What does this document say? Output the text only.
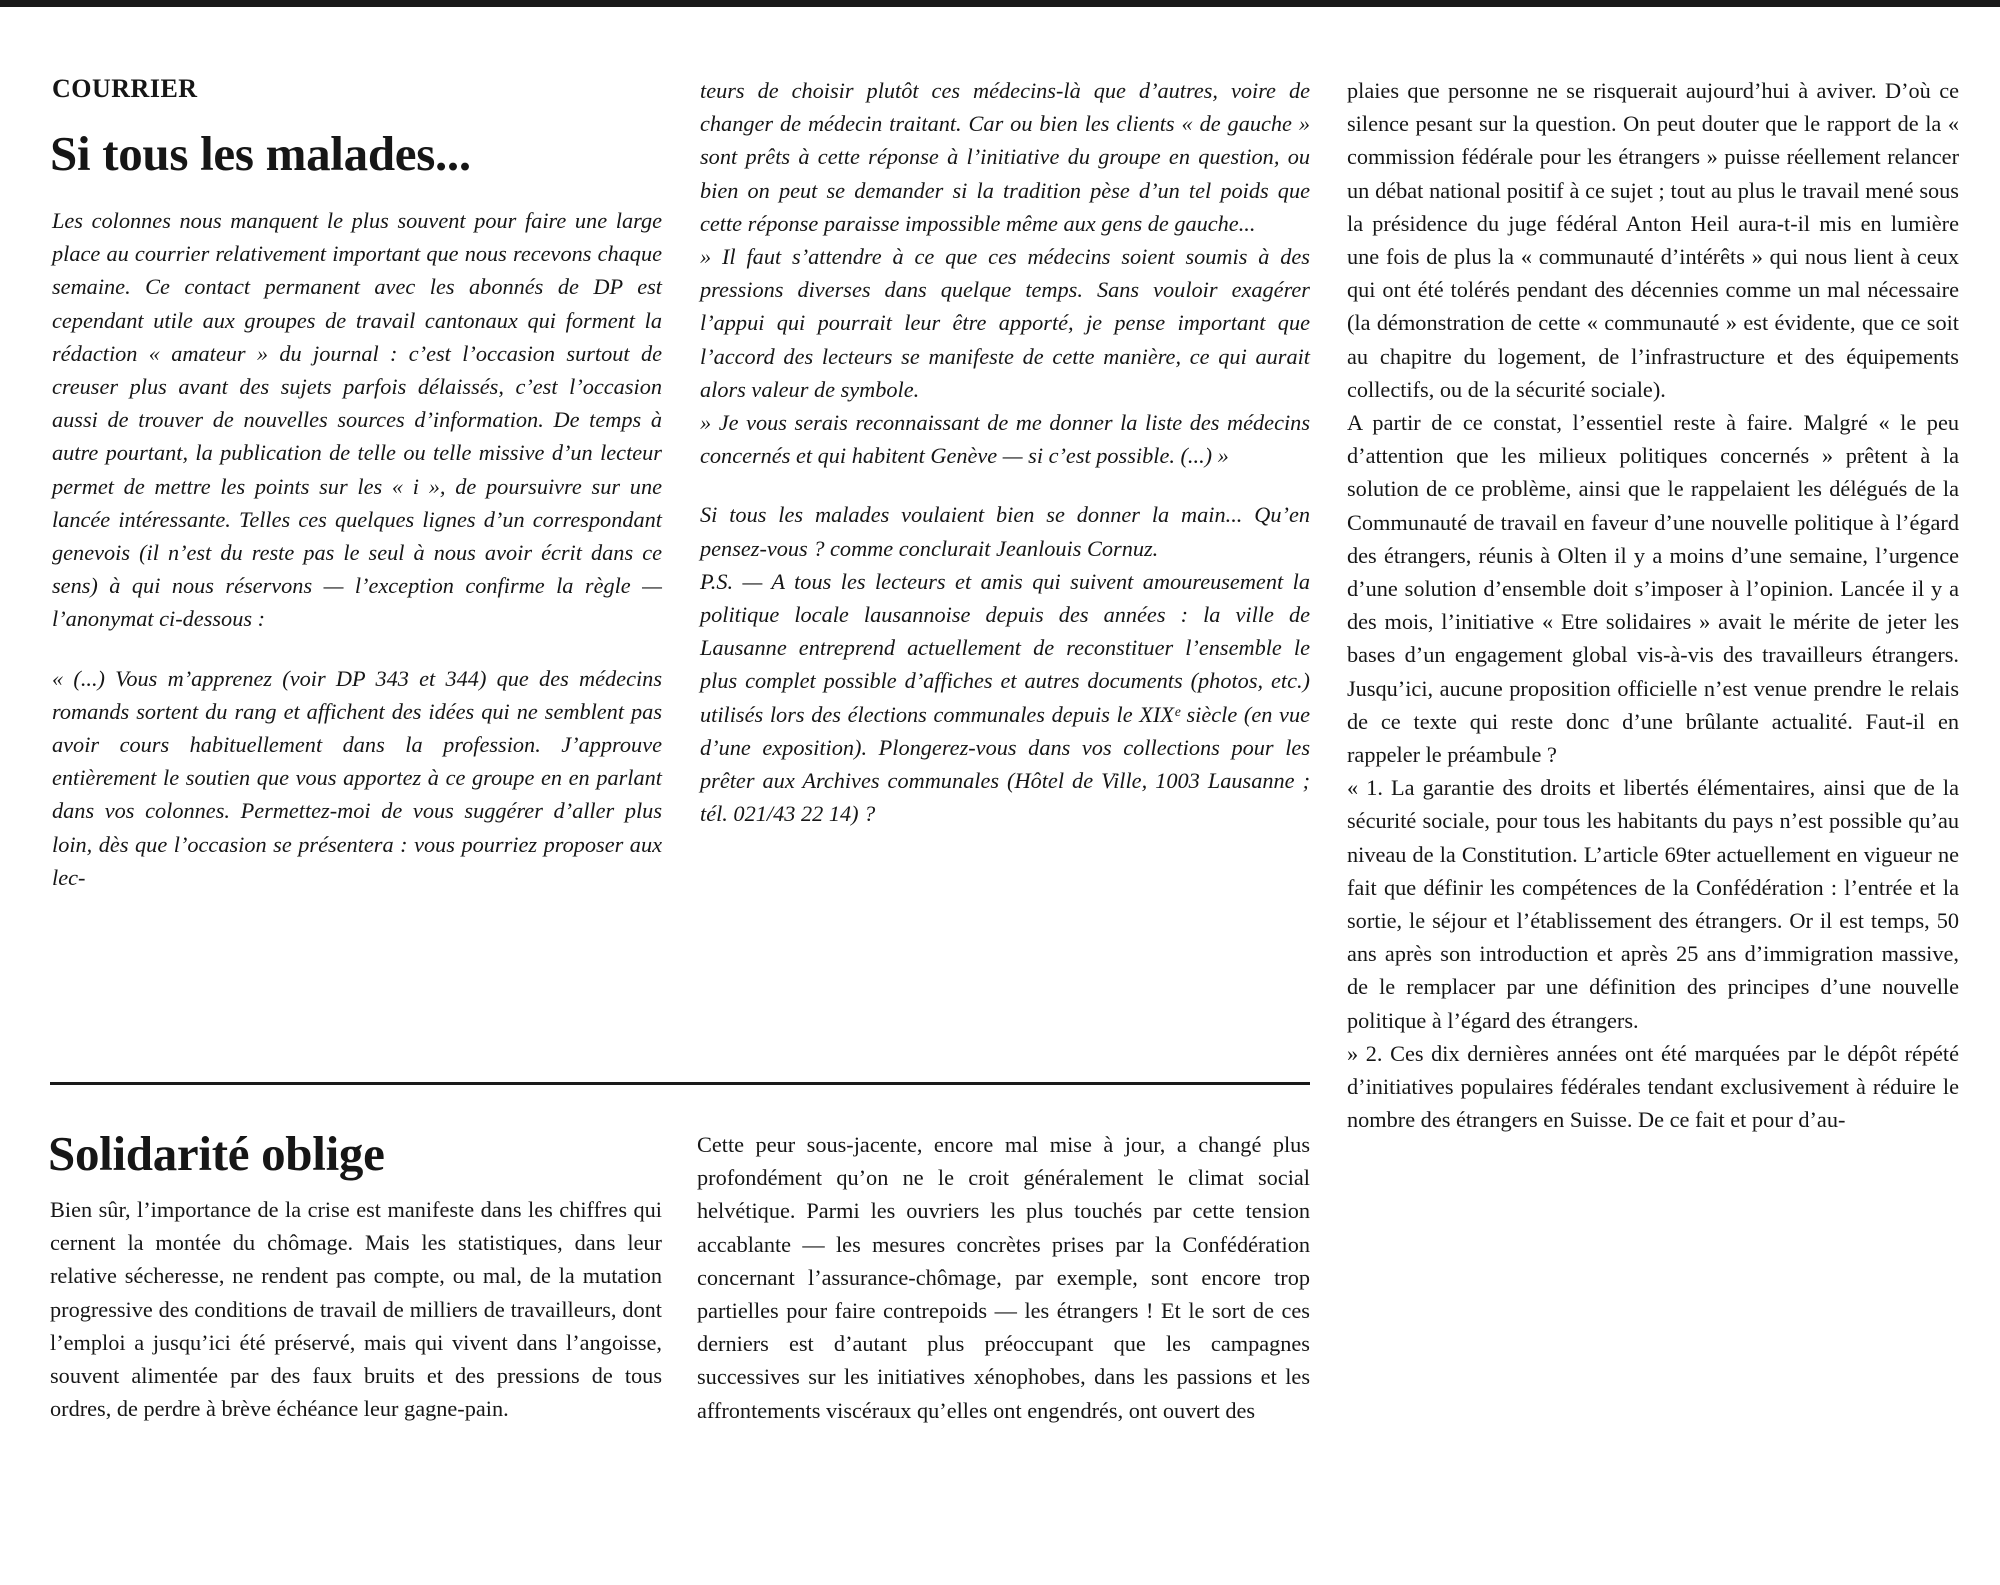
COURRIER
Si tous les malades...

Les colonnes nous manquent le plus souvent pour faire une large place au courrier relativement important que nous recevons chaque semaine. Ce contact permanent avec les abonnés de DP est cependant utile aux groupes de travail cantonaux qui forment la rédaction « amateur » du journal : c’est l’occasion surtout de creuser plus avant des sujets parfois délaissés, c’est l’occasion aussi de trouver de nouvelles sources d’information. De temps à autre pourtant, la publication de telle ou telle missive d’un lecteur permet de mettre les points sur les « i », de poursuivre sur une lancée intéressante. Telles ces quelques lignes d’un correspondant genevois (il n’est du reste pas le seul à nous avoir écrit dans ce sens) à qui nous réservons — l’exception confirme la règle — l’anonymat ci-dessous :

« (...) Vous m’apprenez (voir DP 343 et 344) que des médecins romands sortent du rang et affichent des idées qui ne semblent pas avoir cours habituellement dans la profession. J’approuve entièrement le soutien que vous apportez à ce groupe en en parlant dans vos colonnes. Permettez-moi de vous suggérer d’aller plus loin, dès que l’occasion se présentera : vous pourriez proposer aux lec-

teurs de choisir plutôt ces médecins-là que d’autres, voire de changer de médecin traitant. Car ou bien les clients « de gauche » sont prêts à cette réponse à l’initiative du groupe en question, ou bien on peut se demander si la tradition pèse d’un tel poids que cette réponse paraisse impossible même aux gens de gauche...

» Il faut s’attendre à ce que ces médecins soient soumis à des pressions diverses dans quelque temps. Sans vouloir exagérer l’appui qui pourrait leur être apporté, je pense important que l’accord des lecteurs se manifeste de cette manière, ce qui aurait alors valeur de symbole.

» Je vous serais reconnaissant de me donner la liste des médecins concernés et qui habitent Genève — si c’est possible. (...) »

Si tous les malades voulaient bien se donner la main... Qu’en pensez-vous ? comme conclurait Jeanlouis Cornuz.

P.S. — A tous les lecteurs et amis qui suivent amoureusement la politique locale lausannoise depuis des années : la ville de Lausanne entreprend actuellement de reconstituer l’ensemble le plus complet possible d’affiches et autres documents (photos, etc.) utilisés lors des élections communales depuis le XIXᵉ siècle (en vue d’une exposition). Plongerez-vous dans vos collections pour les prêter aux Archives communales (Hôtel de Ville, 1003 Lausanne ; tél. 021/43 22 14) ?

Solidarité oblige

Bien sûr, l’importance de la crise est manifeste dans les chiffres qui cernent la montée du chômage. Mais les statistiques, dans leur relative sécheresse, ne rendent pas compte, ou mal, de la mutation progressive des conditions de travail de milliers de travailleurs, dont l’emploi a jusqu’ici été préservé, mais qui vivent dans l’angoisse, souvent alimentée par des faux bruits et des pressions de tous ordres, de perdre à brève échéance leur gagne-pain.

Cette peur sous-jacente, encore mal mise à jour, a changé plus profondément qu’on ne le croit généralement le climat social helvétique. Parmi les ouvriers les plus touchés par cette tension accablante — les mesures concrètes prises par la Confédération concernant l’assurance-chômage, par exemple, sont encore trop partielles pour faire contrepoids — les étrangers ! Et le sort de ces derniers est d’autant plus préoccupant que les campagnes successives sur les initiatives xénophobes, dans les passions et les affrontements viscéraux qu’elles ont engendrés, ont ouvert des

plaies que personne ne se risquerait aujourd’hui à aviver. D’où ce silence pesant sur la question. On peut douter que le rapport de la « commission fédérale pour les étrangers » puisse réellement relancer un débat national positif à ce sujet ; tout au plus le travail mené sous la présidence du juge fédéral Anton Heil aura-t-il mis en lumière une fois de plus la « communauté d’intérêts » qui nous lient à ceux qui ont été tolérés pendant des décennies comme un mal nécessaire (la démonstration de cette « communauté » est évidente, que ce soit au chapitre du logement, de l’infrastructure et des équipements collectifs, ou de la sécurité sociale).

A partir de ce constat, l’essentiel reste à faire. Malgré « le peu d’attention que les milieux politiques concernés » prêtent à la solution de ce problème, ainsi que le rappelaient les délégués de la Communauté de travail en faveur d’une nouvelle politique à l’égard des étrangers, réunis à Olten il y a moins d’une semaine, l’urgence d’une solution d’ensemble doit s’imposer à l’opinion. Lancée il y a des mois, l’initiative « Etre solidaires » avait le mérite de jeter les bases d’un engagement global vis-à-vis des travailleurs étrangers. Jusqu’ici, aucune proposition officielle n’est venue prendre le relais de ce texte qui reste donc d’une brûlante actualité. Faut-il en rappeler le préambule ?

« 1. La garantie des droits et libertés élémentaires, ainsi que de la sécurité sociale, pour tous les habitants du pays n’est possible qu’au niveau de la Constitution. L’article 69ter actuellement en vigueur ne fait que définir les compétences de la Confédération : l’entrée et la sortie, le séjour et l’établissement des étrangers. Or il est temps, 50 ans après son introduction et après 25 ans d’immigration massive, de le remplacer par une définition des principes d’une nouvelle politique à l’égard des étrangers.

» 2. Ces dix dernières années ont été marquées par le dépôt répété d’initiatives populaires fédérales tendant exclusivement à réduire le nombre des étrangers en Suisse. De ce fait et pour d’au-
